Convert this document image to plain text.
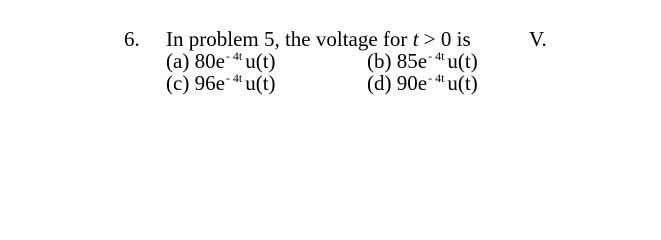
6. In problem 5, the voltage for t > 0 is	V.
(a) $80e^{- 4t}$ u(t)	(b) $85e^{- 4t}$ u(t)
(c) $96e^{- 4t}$ u(t)	(d) $90e^{- 4t}$ u(t)
